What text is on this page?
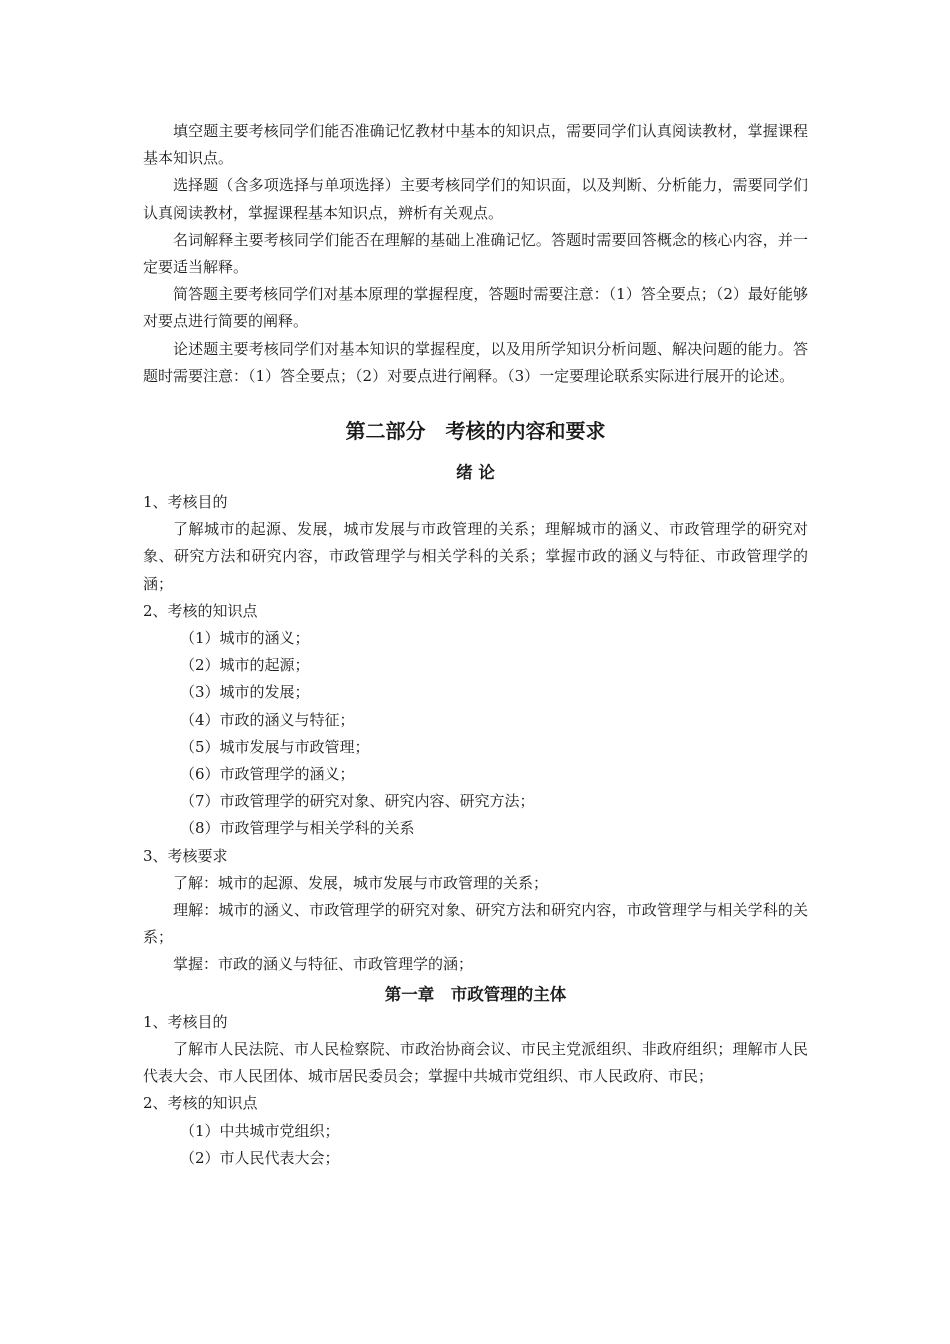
填空题主要考核同学们能否准确记忆教材中基本的知识点，需要同学们认真阅读教材，掌握课程基本知识点。

选择题（含多项选择与单项选择）主要考核同学们的知识面，以及判断、分析能力，需要同学们认真阅读教材，掌握课程基本知识点，辨析有关观点。

名词解释主要考核同学们能否在理解的基础上准确记忆。答题时需要回答概念的核心内容，并一定要适当解释。

简答题主要考核同学们对基本原理的掌握程度，答题时需要注意：（1）答全要点；（2）最好能够对要点进行简要的阐释。

论述题主要考核同学们对基本知识的掌握程度，以及用所学知识分析问题、解决问题的能力。答题时需要注意：（1）答全要点；（2）对要点进行阐释。（3）一定要理论联系实际进行展开的论述。

第二部分　考核的内容和要求
绪 论

1、考核目的

了解城市的起源、发展，城市发展与市政管理的关系；理解城市的涵义、市政管理学的研究对象、研究方法和研究内容，市政管理学与相关学科的关系；掌握市政的涵义与特征、市政管理学的涵；

2、考核的知识点

（1）城市的涵义；

（2）城市的起源；

（3）城市的发展；

（4）市政的涵义与特征；

（5）城市发展与市政管理；

（6）市政管理学的涵义；

（7）市政管理学的研究对象、研究内容、研究方法；

（8）市政管理学与相关学科的关系

3、考核要求

了解：城市的起源、发展，城市发展与市政管理的关系；

理解：城市的涵义、市政管理学的研究对象、研究方法和研究内容，市政管理学与相关学科的关系；

掌握：市政的涵义与特征、市政管理学的涵；

第一章　市政管理的主体

1、考核目的

了解市人民法院、市人民检察院、市政治协商会议、市民主党派组织、非政府组织；理解市人民代表大会、市人民团体、城市居民委员会；掌握中共城市党组织、市人民政府、市民；

2、考核的知识点

（1）中共城市党组织；

（2）市人民代表大会；
